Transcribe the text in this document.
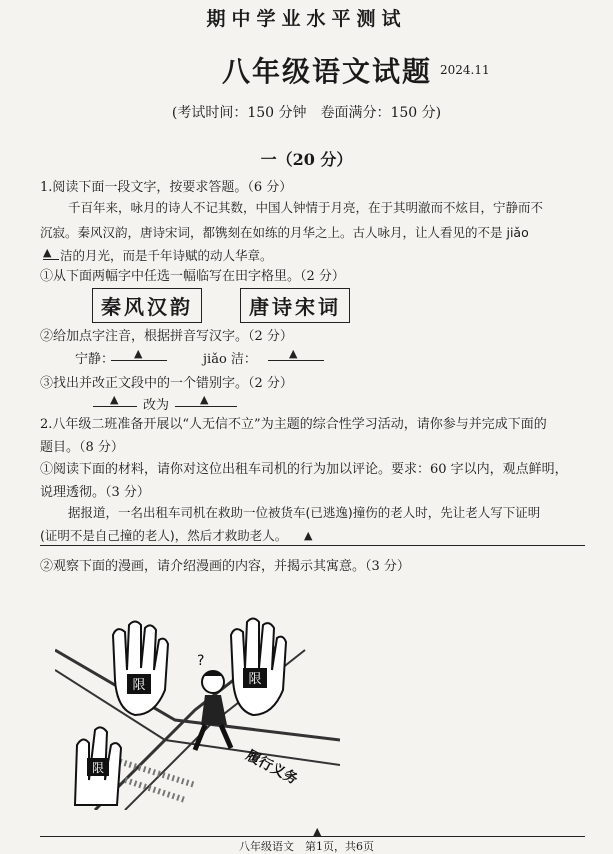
期中学业水平测试
八年级语文试题 2024.11
(考试时间：150 分钟　卷面满分：150 分)
一（20 分）
1.阅读下面一段文字，按要求答题。（6 分）
千百年来，咏月的诗人不记其数，中国人钟情于月亮，在于其明澈而不炫目，宁静而不
沉寂。秦风汉韵，唐诗宋词，都镌刻在如练的月华之上。古人咏月，让人看见的不是 jiǎo
洁的月光，而是千年诗赋的动人华章。
▲
①从下面两幅字中任选一幅临写在田字格里。（2 分）
秦风汉韵	唐诗宋词
②给加点字注音，根据拼音写汉字。（2 分）
宁静： ▲	jiǎo 洁：	▲
③找出并改正文段中的一个错别字。（2 分）
▲ 改为	▲
2.八年级二班准备开展以“人无信不立”为主题的综合性学习活动，请你参与并完成下面的
题目。（8 分）
①阅读下面的材料，请你对这位出租车司机的行为加以评论。要求：60 字以内，观点鲜明，
说理透彻。（3 分）
据报道，一名出租车司机在救助一位被货车(已逃逸)撞伤的老人时，先让老人写下证明
(证明不是自己撞的老人)，然后才救助老人。 ▲
②观察下面的漫画，请介绍漫画的内容，并揭示其寓意。（3 分）
限	限
限
?
履行义务
▲
八年级语文　第1页，共6页
